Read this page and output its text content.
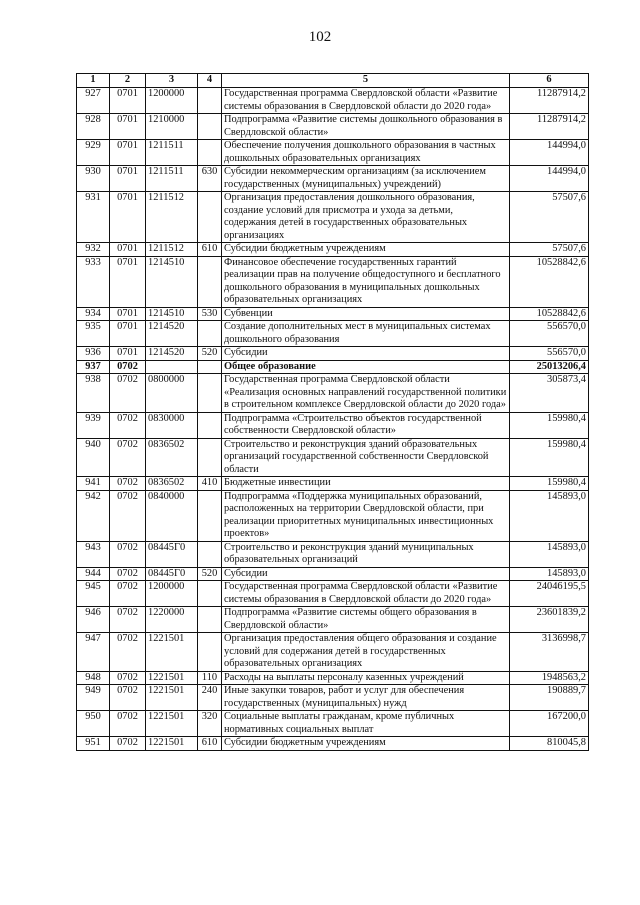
102
1	2	3	4	5	6
927	0701	1200000		Государственная программа Свердловской области «Развитие системы образования в Свердловской области до 2020 года»	11287914,2
928	0701	1210000		Подпрограмма «Развитие системы дошкольного образования в Свердловской области»	11287914,2
929	0701	1211511		Обеспечение получения дошкольного образования в частных дошкольных образовательных организациях	144994,0
930	0701	1211511	630	Субсидии некоммерческим организациям (за исключением государственных (муниципальных) учреждений)	144994,0
931	0701	1211512		Организация предоставления дошкольного образования, создание условий для присмотра и ухода за детьми, содержания детей в государственных образовательных организациях	57507,6
932	0701	1211512	610	Субсидии бюджетным учреждениям	57507,6
933	0701	1214510		Финансовое обеспечение государственных гарантий реализации прав на получение общедоступного и бесплатного дошкольного образования в муниципальных дошкольных образовательных организациях	10528842,6
934	0701	1214510	530	Субвенции	10528842,6
935	0701	1214520		Создание дополнительных мест в муниципальных системах дошкольного образования	556570,0
936	0701	1214520	520	Субсидии	556570,0
937	0702			Общее образование	25013206,4
938	0702	0800000		Государственная программа Свердловской области «Реализация основных направлений государственной политики в строительном комплексе Свердловской области до 2020 года»	305873,4
939	0702	0830000		Подпрограмма «Строительство объектов государственной собственности Свердловской области»	159980,4
940	0702	0836502		Строительство и реконструкция зданий образовательных организаций государственной собственности Свердловской области	159980,4
941	0702	0836502	410	Бюджетные инвестиции	159980,4
942	0702	0840000		Подпрограмма «Поддержка муниципальных образований, расположенных на территории Свердловской области, при реализации приоритетных муниципальных инвестиционных проектов»	145893,0
943	0702	08445Г0		Строительство и реконструкция зданий муниципальных образовательных организаций	145893,0
944	0702	08445Г0	520	Субсидии	145893,0
945	0702	1200000		Государственная программа Свердловской области «Развитие системы образования в Свердловской области до 2020 года»	24046195,5
946	0702	1220000		Подпрограмма «Развитие системы общего образования в Свердловской области»	23601839,2
947	0702	1221501		Организация предоставления общего образования и создание условий для содержания детей в государственных образовательных организациях	3136998,7
948	0702	1221501	110	Расходы на выплаты персоналу казенных учреждений	1948563,2
949	0702	1221501	240	Иные закупки товаров, работ и услуг для обеспечения государственных (муниципальных) нужд	190889,7
950	0702	1221501	320	Социальные выплаты гражданам, кроме публичных нормативных социальных выплат	167200,0
951	0702	1221501	610	Субсидии бюджетным учреждениям	810045,8
